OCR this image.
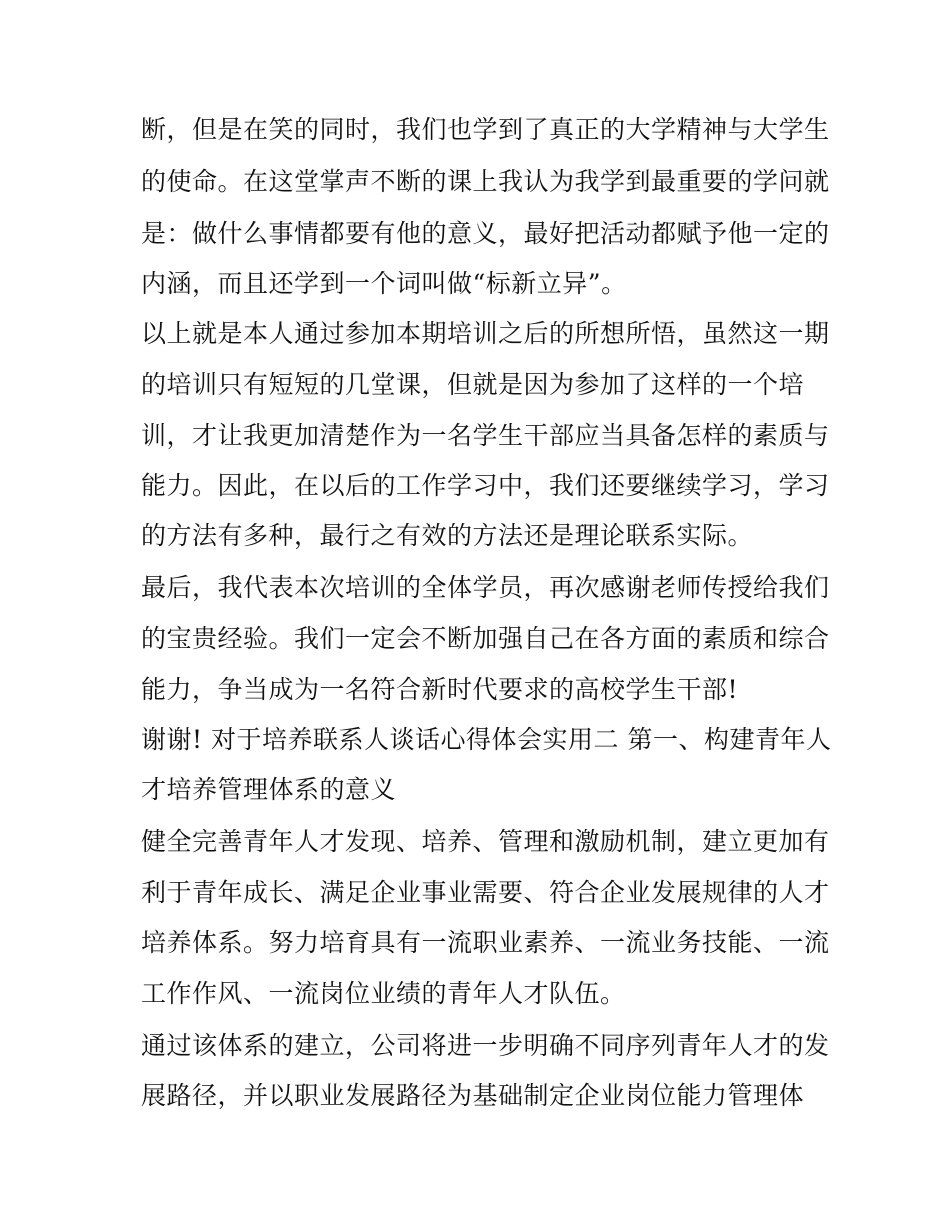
断，但是在笑的同时，我们也学到了真正的大学精神与大学生
的使命。在这堂掌声不断的课上我认为我学到最重要的学问就
是：做什么事情都要有他的意义，最好把活动都赋予他一定的
内涵，而且还学到一个词叫做“标新立异”。
以上就是本人通过参加本期培训之后的所想所悟，虽然这一期
的培训只有短短的几堂课，但就是因为参加了这样的一个培
训，才让我更加清楚作为一名学生干部应当具备怎样的素质与
能力。因此，在以后的工作学习中，我们还要继续学习，学习
的方法有多种，最行之有效的方法还是理论联系实际。
最后，我代表本次培训的全体学员，再次感谢老师传授给我们
的宝贵经验。我们一定会不断加强自己在各方面的素质和综合
能力，争当成为一名符合新时代要求的高校学生干部!
谢谢! 对于培养联系人谈话心得体会实用二 第一、构建青年人
才培养管理体系的意义
健全完善青年人才发现、培养、管理和激励机制，建立更加有
利于青年成长、满足企业事业需要、符合企业发展规律的人才
培养体系。努力培育具有一流职业素养、一流业务技能、一流
工作作风、一流岗位业绩的青年人才队伍。
通过该体系的建立，公司将进一步明确不同序列青年人才的发
展路径，并以职业发展路径为基础制定企业岗位能力管理体
